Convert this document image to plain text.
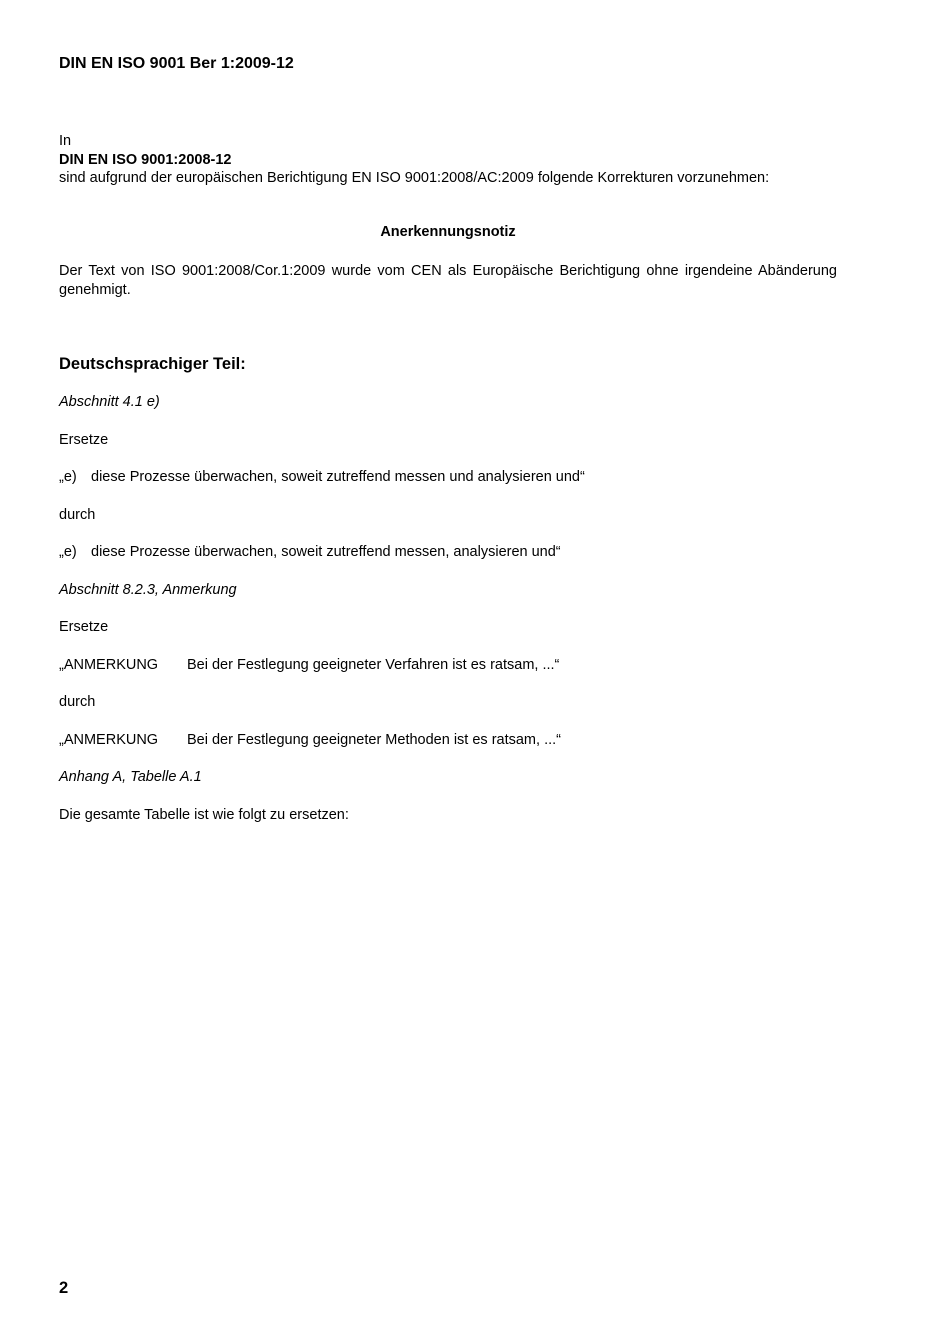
DIN EN ISO 9001 Ber 1:2009-12
In
DIN EN ISO 9001:2008-12
sind aufgrund der europäischen Berichtigung EN ISO 9001:2008/AC:2009 folgende Korrekturen vorzunehmen:
Anerkennungsnotiz
Der Text von ISO 9001:2008/Cor.1:2009 wurde vom CEN als Europäische Berichtigung ohne irgendeine Abänderung genehmigt.
Deutschsprachiger Teil:
Abschnitt 4.1 e)
Ersetze
„e) diese Prozesse überwachen, soweit zutreffend messen und analysieren und“
durch
„e) diese Prozesse überwachen, soweit zutreffend messen, analysieren und“
Abschnitt 8.2.3, Anmerkung
Ersetze
„ANMERKUNG Bei der Festlegung geeigneter Verfahren ist es ratsam, ...“
durch
„ANMERKUNG Bei der Festlegung geeigneter Methoden ist es ratsam, ...“
Anhang A, Tabelle A.1
Die gesamte Tabelle ist wie folgt zu ersetzen:
2
